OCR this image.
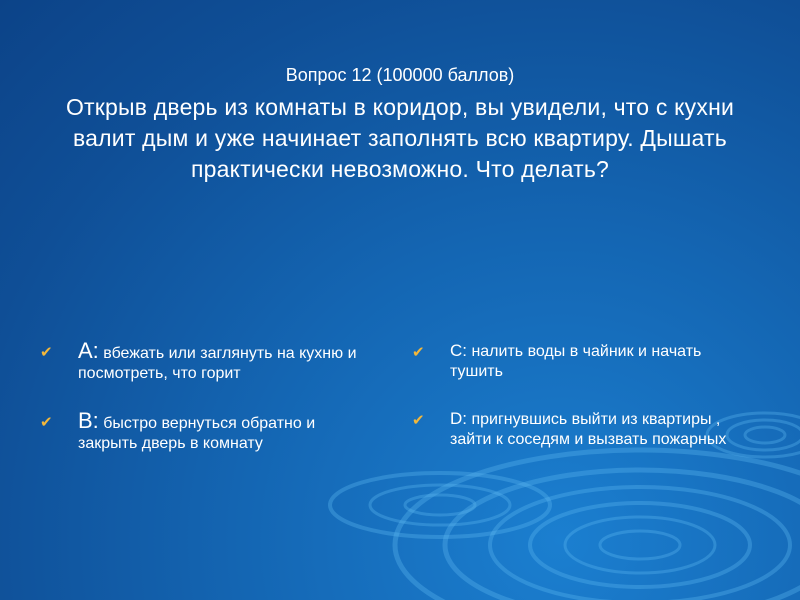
Вопрос 12 (100000 баллов)
Открыв дверь из комнаты в коридор, вы увидели, что с кухни валит дым и уже начинает заполнять всю квартиру. Дышать практически невозможно. Что делать?
✔ A: вбежать или заглянуть на кухню и посмотреть, что горит
✔ B: быстро вернуться обратно и закрыть дверь в комнату
✔ C: налить воды в чайник и начать тушить
✔ D: пригнувшись выйти из квартиры , зайти к соседям и вызвать пожарных
